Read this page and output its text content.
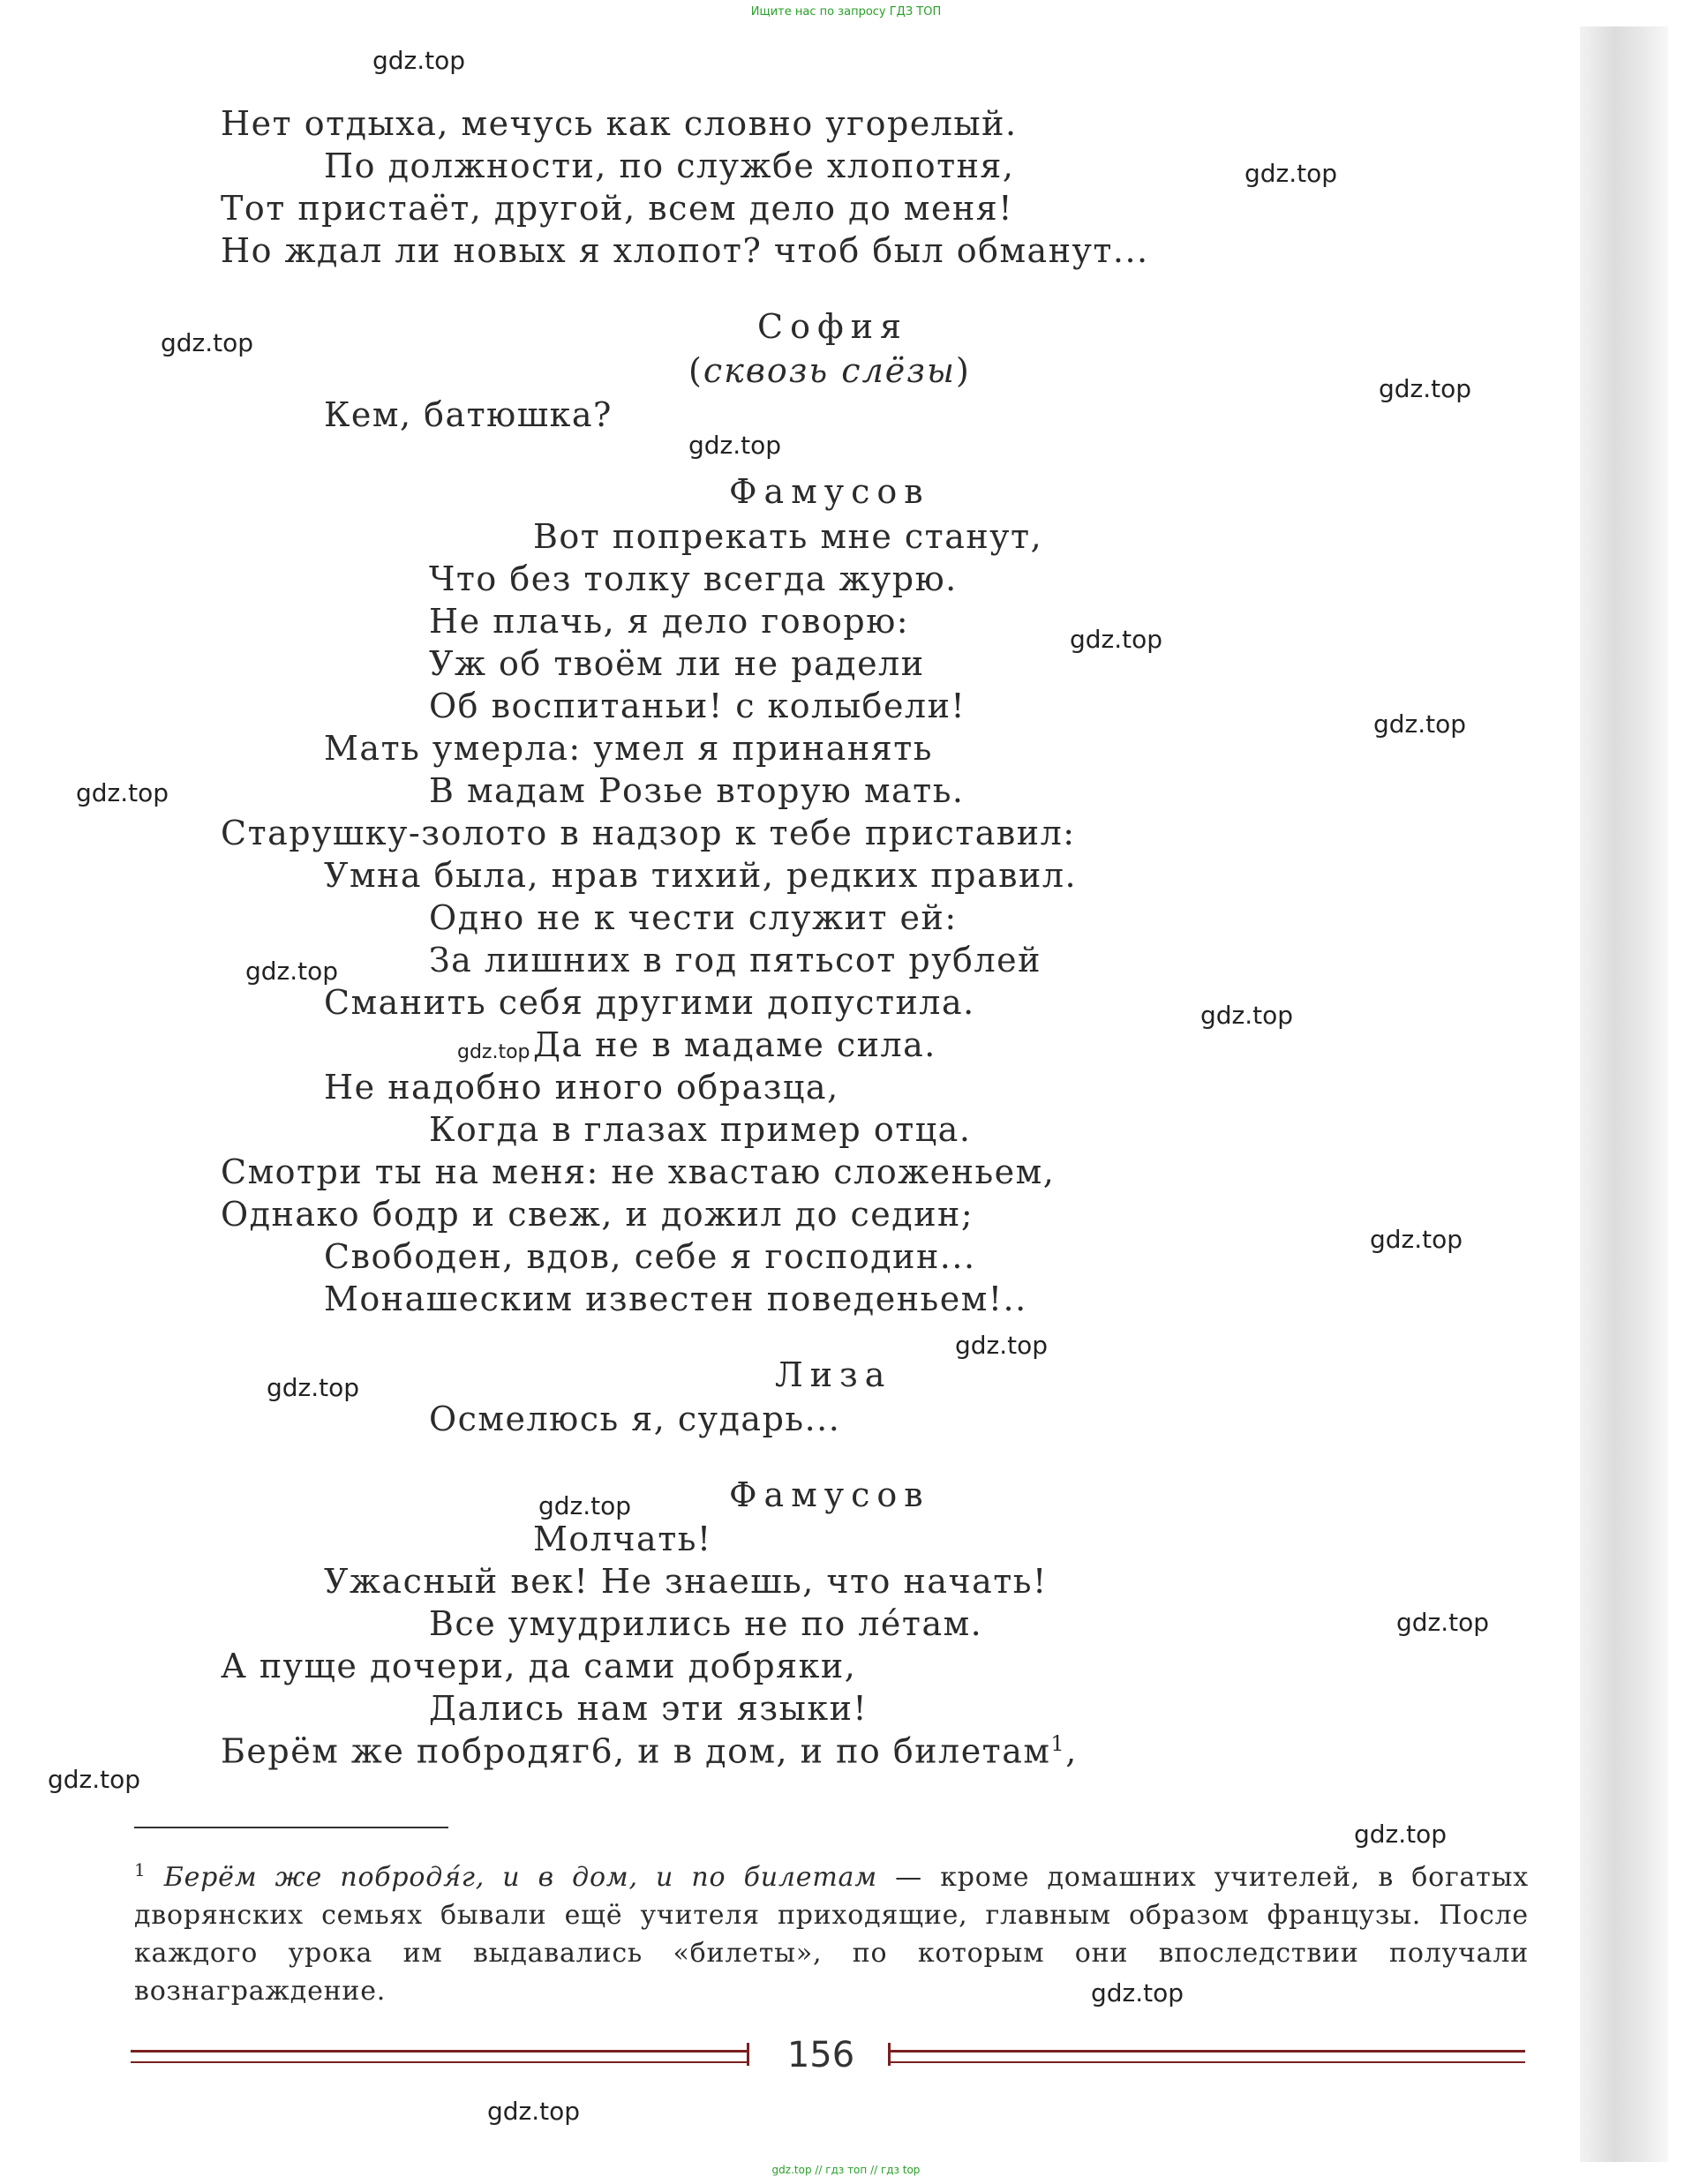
Ищите нас по запросу ГДЗ ТОП
Нет отдыха, мечусь как словно угорелый.
По должности, по службе хлопотня,
Тот пристаёт, другой, всем дело до меня!
Но ждал ли новых я хлопот? чтоб был обманут...
София
(сквозь слёзы)
Кем, батюшка?
Фамусов
Вот попрекать мне станут,
Что без толку всегда журю.
Не плачь, я дело говорю:
Уж об твоём ли не радели
Об воспитаньи! с колыбели!
Мать умерла: умел я принанять
В мадам Розье вторую мать.
Старушку-золото в надзор к тебе приставил:
Умна была, нрав тихий, редких правил.
Одно не к чести служит ей:
За лишних в год пятьсот рублей
Сманить себя другими допустила.
Да не в мадаме сила.
Не надобно иного образца,
Когда в глазах пример отца.
Смотри ты на меня: не хвастаю сложеньем,
Однако бодр и свеж, и дожил до седин;
Свободен, вдов, себе я господин...
Монашеским известен поведеньем!..
Лиза
Осмелюсь я, сударь...
Фамусов
Молчать!
Ужасный век! Не знаешь, что начать!
Все умудрились не по лéтам.
А пуще дочери, да сами добряки,
Дались нам эти языки!
Берём же побродяг6, и в дом, и по билетам$^1$,
$^1$ Берём же побродя́г, и в дом, и по билетам — кроме домашних учителей, в богатых дворянских семьях бывали ещё учителя приходящие, главным образом французы. После каждого урока им выдавались «билеты», по которым они впоследствии получали вознаграждение.
156
gdz.top
gdz.top
gdz.top
gdz.top
gdz.top
gdz.top
gdz.top
gdz.top
gdz.top
gdz.top
gdz.top
gdz.top
gdz.top
gdz.top
gdz.top
gdz.top
gdz.top
gdz.top
gdz.top
gdz.top
gdz.top // гдз топ // гдз top
